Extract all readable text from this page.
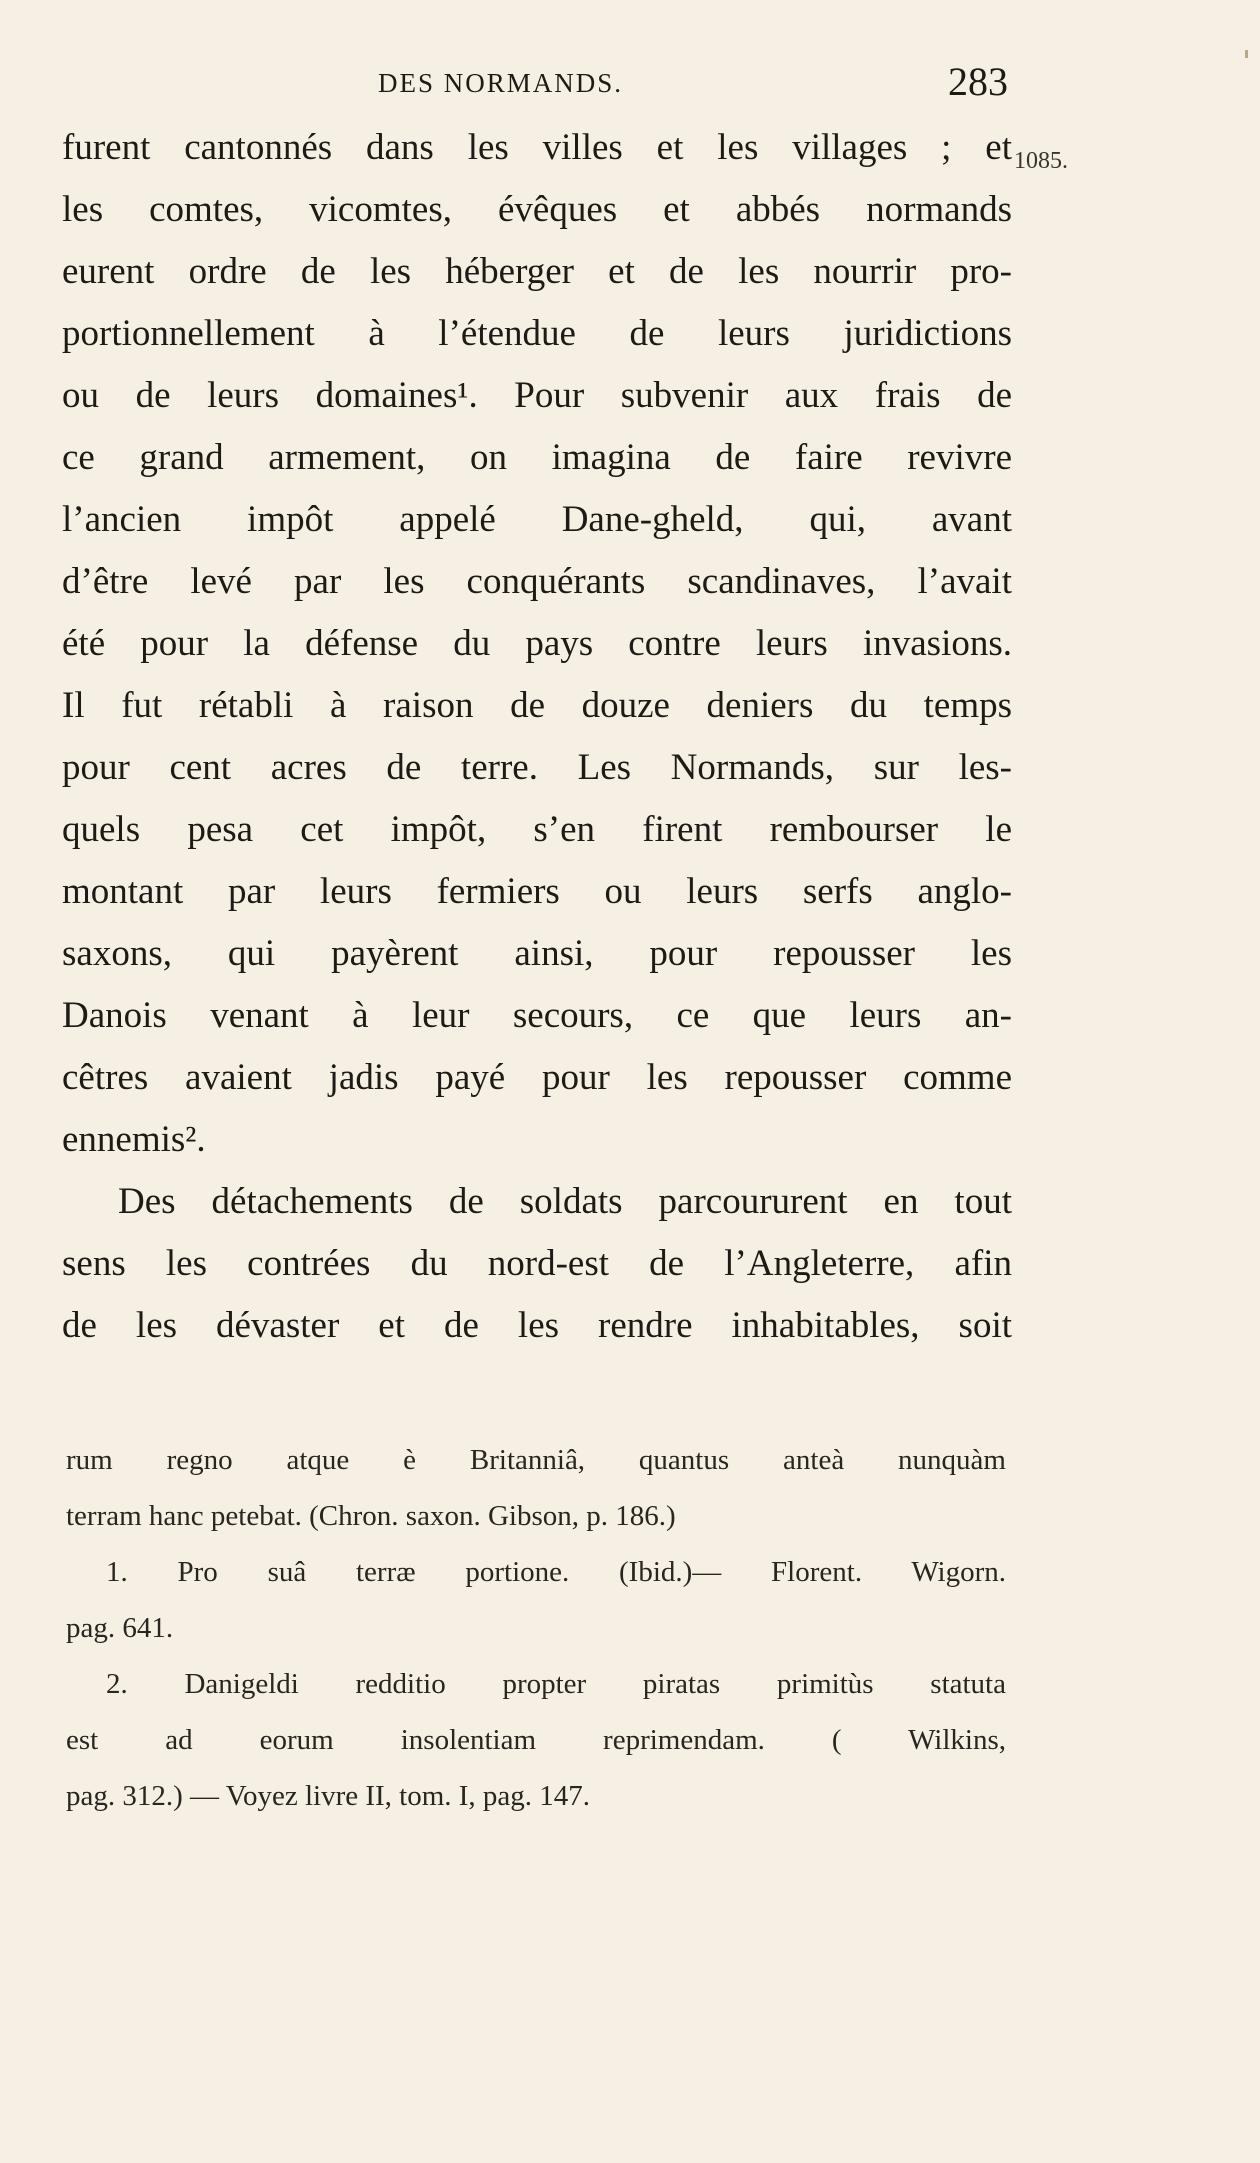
DES NORMANDS.	283
1085.
furent cantonnés dans les villes et les villages ; et
les comtes, vicomtes, évêques et abbés normands
eurent ordre de les héberger et de les nourrir pro-
portionnellement à l’étendue de leurs juridictions
ou de leurs domaines¹. Pour subvenir aux frais de
ce grand armement, on imagina de faire revivre
l’ancien impôt appelé Dane-gheld, qui, avant
d’être levé par les conquérants scandinaves, l’avait
été pour la défense du pays contre leurs invasions.
Il fut rétabli à raison de douze deniers du temps
pour cent acres de terre. Les Normands, sur les-
quels pesa cet impôt, s’en firent rembourser le
montant par leurs fermiers ou leurs serfs anglo-
saxons, qui payèrent ainsi, pour repousser les
Danois venant à leur secours, ce que leurs an-
cêtres avaient jadis payé pour les repousser comme
ennemis².
Des détachements de soldats parcoururent en tout
sens les contrées du nord-est de l’Angleterre, afin
de les dévaster et de les rendre inhabitables, soit
rum regno atque è Britanniâ, quantus anteà nunquàm
terram hanc petebat. (Chron. saxon. Gibson, p. 186.)
1. Pro suâ terræ portione. (Ibid.)— Florent. Wigorn.
pag. 641.
2. Danigeldi redditio propter piratas primitùs statuta
est ad eorum insolentiam reprimendam. ( Wilkins,
pag. 312.) — Voyez livre II, tom. I, pag. 147.
